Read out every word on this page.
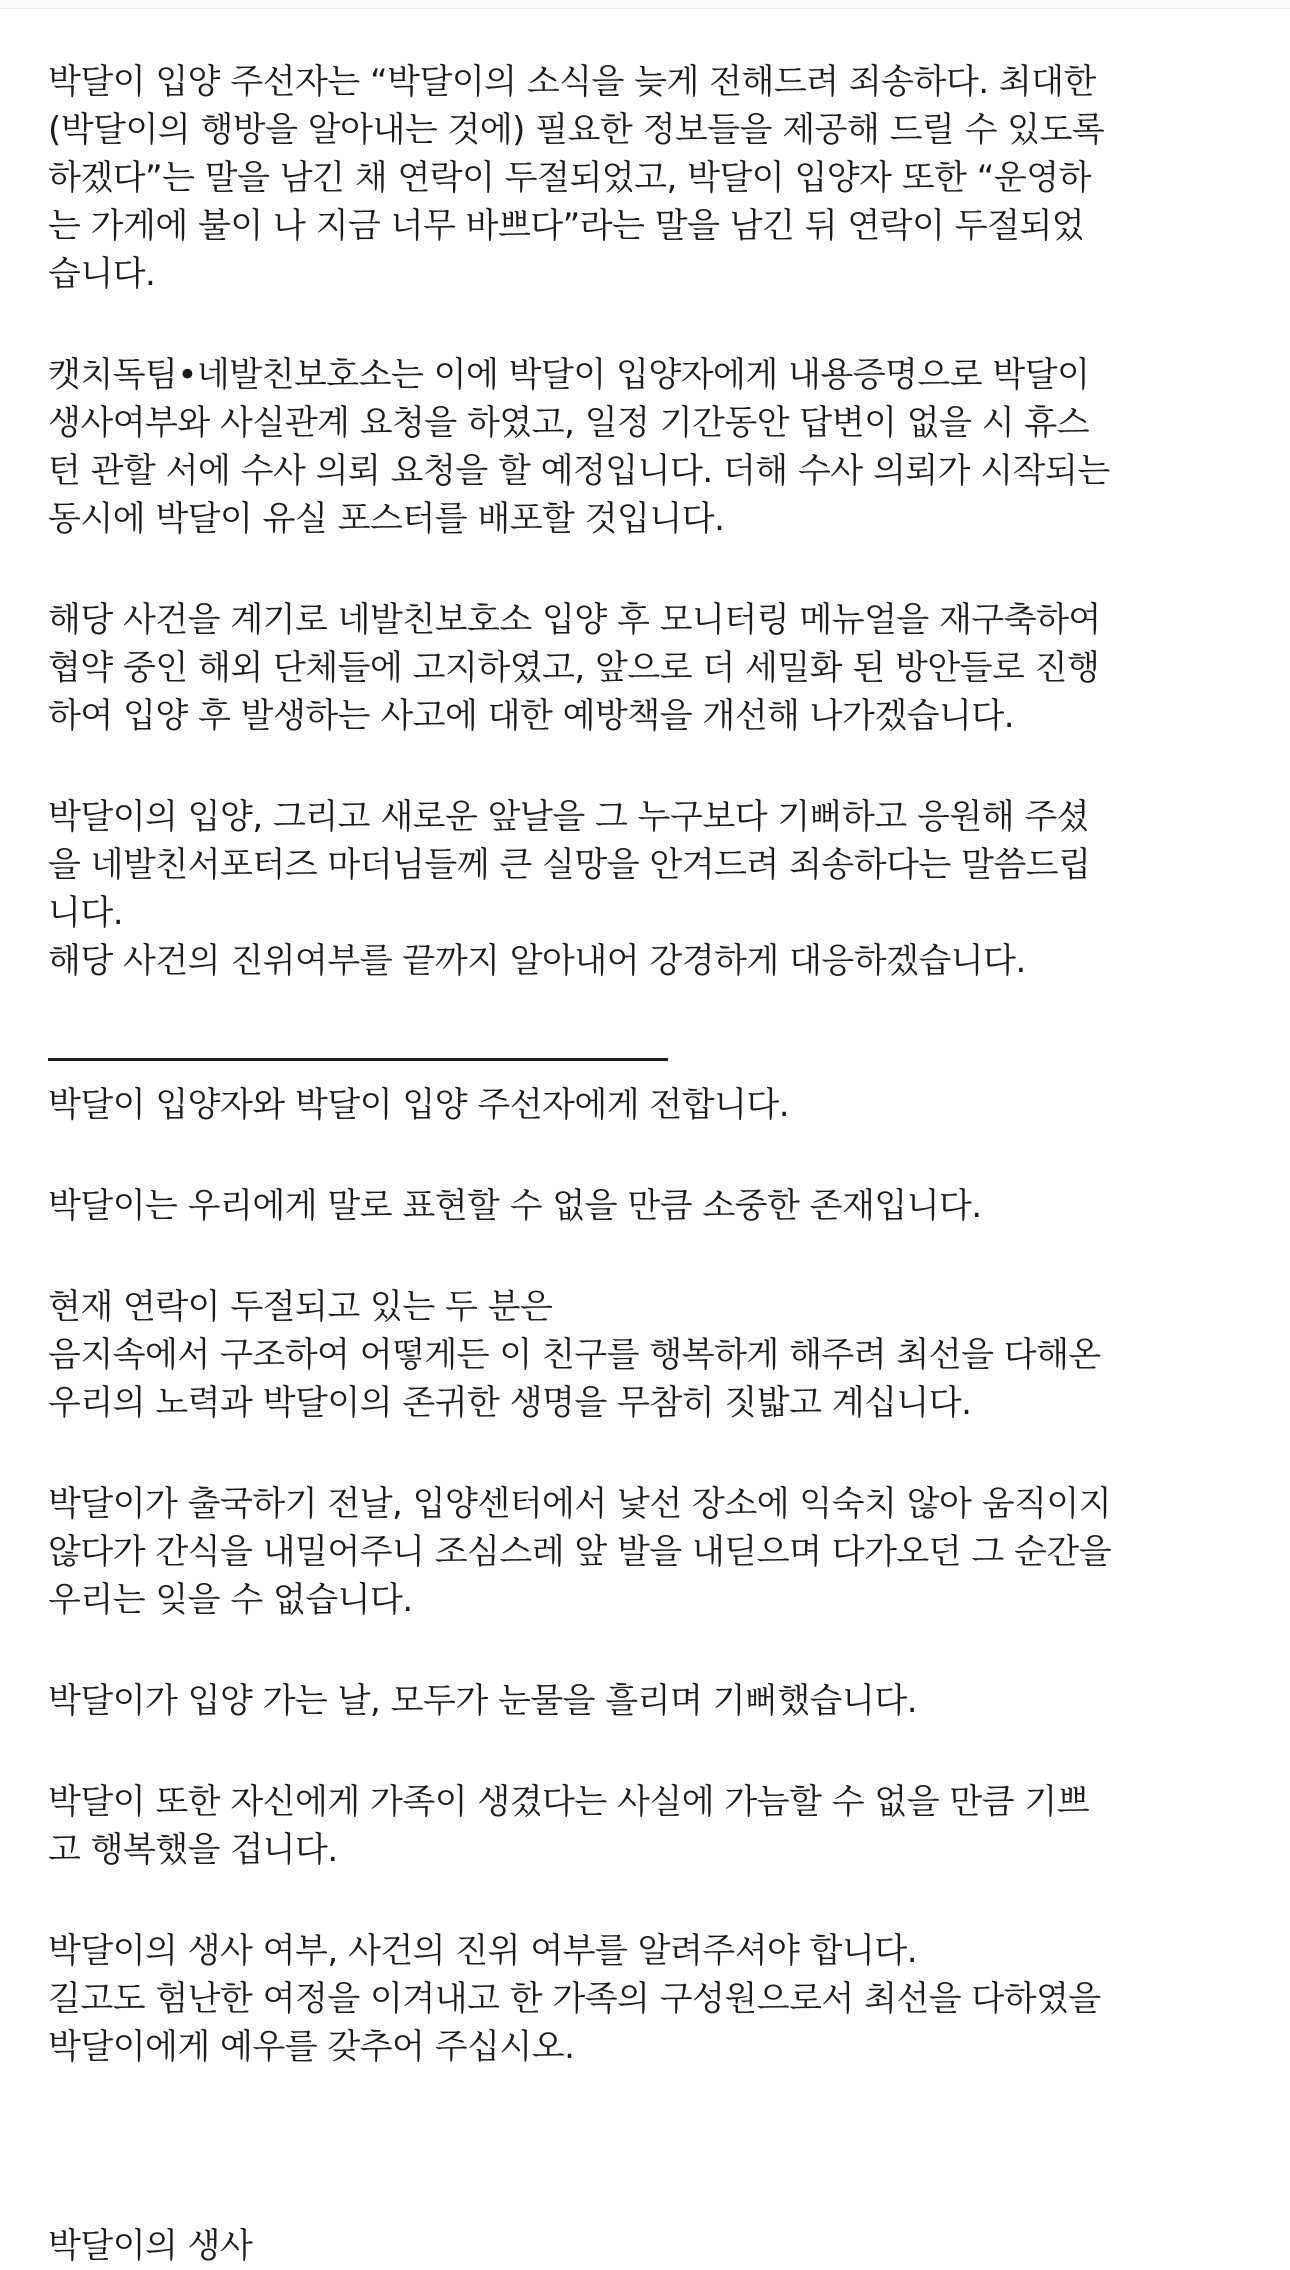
박달이 입양 주선자는 “박달이의 소식을 늦게 전해드려 죄송하다. 최대한
(박달이의 행방을 알아내는 것에) 필요한 정보들을 제공해 드릴 수 있도록
하겠다”는 말을 남긴 채 연락이 두절되었고, 박달이 입양자 또한 “운영하
는 가게에 불이 나 지금 너무 바쁘다”라는 말을 남긴 뒤 연락이 두절되었
습니다.

캣치독팀•네발친보호소는 이에 박달이 입양자에게 내용증명으로 박달이
생사여부와 사실관계 요청을 하였고, 일정 기간동안 답변이 없을 시 휴스
턴 관할 서에 수사 의뢰 요청을 할 예정입니다. 더해 수사 의뢰가 시작되는
동시에 박달이 유실 포스터를 배포할 것입니다.

해당 사건을 계기로 네발친보호소 입양 후 모니터링 메뉴얼을 재구축하여
협약 중인 해외 단체들에 고지하였고, 앞으로 더 세밀화 된 방안들로 진행
하여 입양 후 발생하는 사고에 대한 예방책을 개선해 나가겠습니다.

박달이의 입양, 그리고 새로운 앞날을 그 누구보다 기뻐하고 응원해 주셨
을 네발친서포터즈 마더님들께 큰 실망을 안겨드려 죄송하다는 말씀드립
니다.
해당 사건의 진위여부를 끝까지 알아내어 강경하게 대응하겠습니다.

박달이 입양자와 박달이 입양 주선자에게 전합니다.

박달이는 우리에게 말로 표현할 수 없을 만큼 소중한 존재입니다.

현재 연락이 두절되고 있는 두 분은
음지속에서 구조하여 어떻게든 이 친구를 행복하게 해주려 최선을 다해온
우리의 노력과 박달이의 존귀한 생명을 무참히 짓밟고 계십니다.

박달이가 출국하기 전날, 입양센터에서 낯선 장소에 익숙치 않아 움직이지
않다가 간식을 내밀어주니 조심스레 앞 발을 내딛으며 다가오던 그 순간을
우리는 잊을 수 없습니다.

박달이가 입양 가는 날, 모두가 눈물을 흘리며 기뻐했습니다.

박달이 또한 자신에게 가족이 생겼다는 사실에 가늠할 수 없을 만큼 기쁘
고 행복했을 겁니다.

박달이의 생사 여부, 사건의 진위 여부를 알려주셔야 합니다.
길고도 험난한 여정을 이겨내고 한 가족의 구성원으로서 최선을 다하였을
박달이에게 예우를 갖추어 주십시오.

박달이의 생사
